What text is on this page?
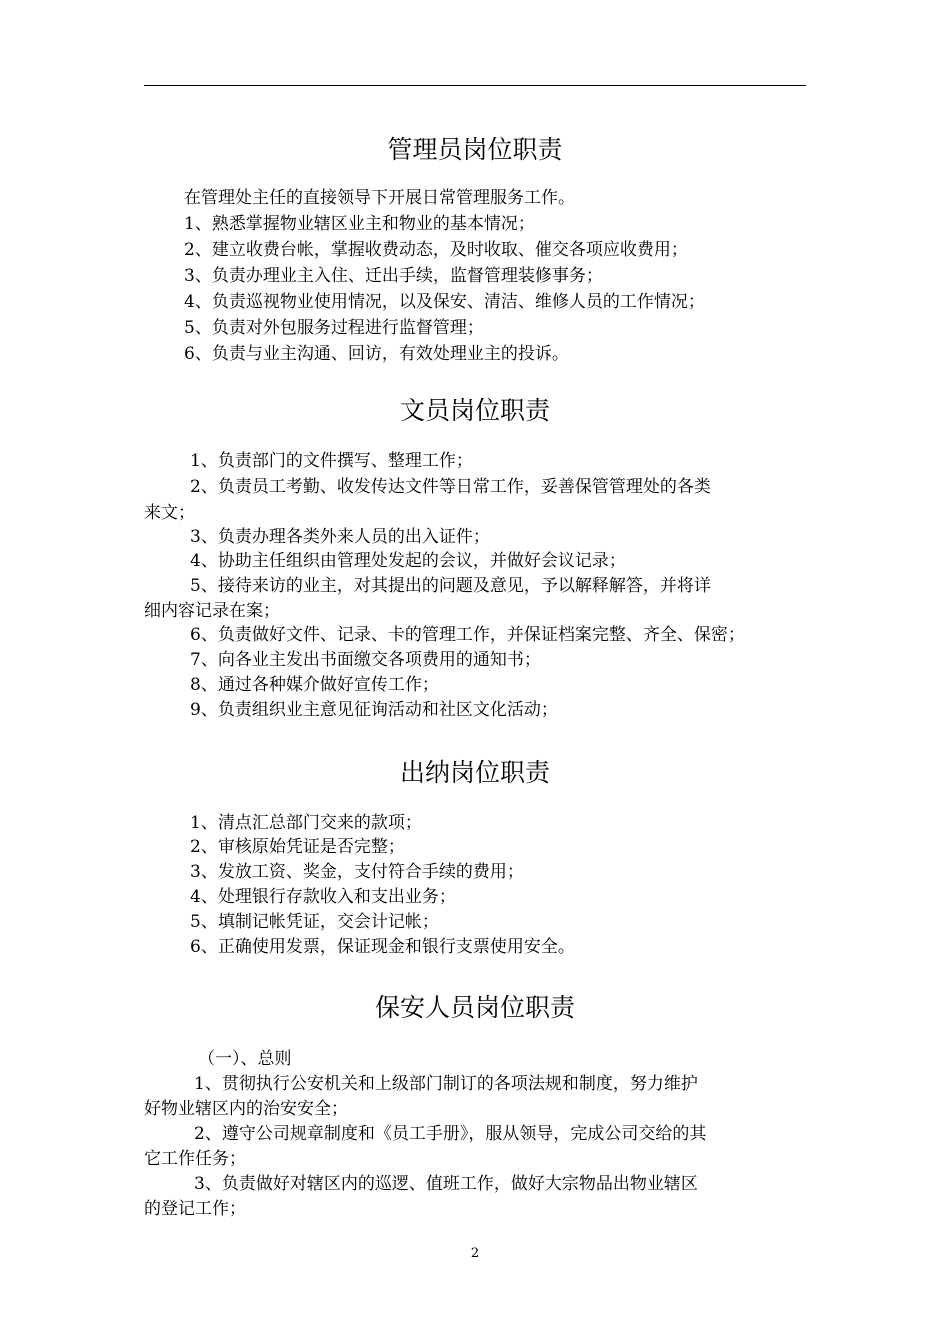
管理员岗位职责

在管理处主任的直接领导下开展日常管理服务工作。

1、熟悉掌握物业辖区业主和物业的基本情况；

2、建立收费台帐，掌握收费动态，及时收取、催交各项应收费用；

3、负责办理业主入住、迁出手续，监督管理装修事务；

4、负责巡视物业使用情况，以及保安、清洁、维修人员的工作情况；

5、负责对外包服务过程进行监督管理；

6、负责与业主沟通、回访，有效处理业主的投诉。

文员岗位职责

1、负责部门的文件撰写、整理工作；

2、负责员工考勤、收发传达文件等日常工作，妥善保管管理处的各类

来文；

3、负责办理各类外来人员的出入证件；

4、协助主任组织由管理处发起的会议，并做好会议记录；

5、接待来访的业主，对其提出的问题及意见，予以解释解答，并将详

细内容记录在案；

6、负责做好文件、记录、卡的管理工作，并保证档案完整、齐全、保密；

7、向各业主发出书面缴交各项费用的通知书；

8、通过各种媒介做好宣传工作；

9、负责组织业主意见征询活动和社区文化活动；

出纳岗位职责

1、清点汇总部门交来的款项；

2、审核原始凭证是否完整；

3、发放工资、奖金，支付符合手续的费用；

4、处理银行存款收入和支出业务；

5、填制记帐凭证，交会计记帐；

6、正确使用发票，保证现金和银行支票使用安全。

保安人员岗位职责

（一）、总则

1、贯彻执行公安机关和上级部门制订的各项法规和制度，努力维护

好物业辖区内的治安安全；

2、遵守公司规章制度和《员工手册》，服从领导，完成公司交给的其

它工作任务；

3、负责做好对辖区内的巡逻、值班工作，做好大宗物品出物业辖区

的登记工作；

2
